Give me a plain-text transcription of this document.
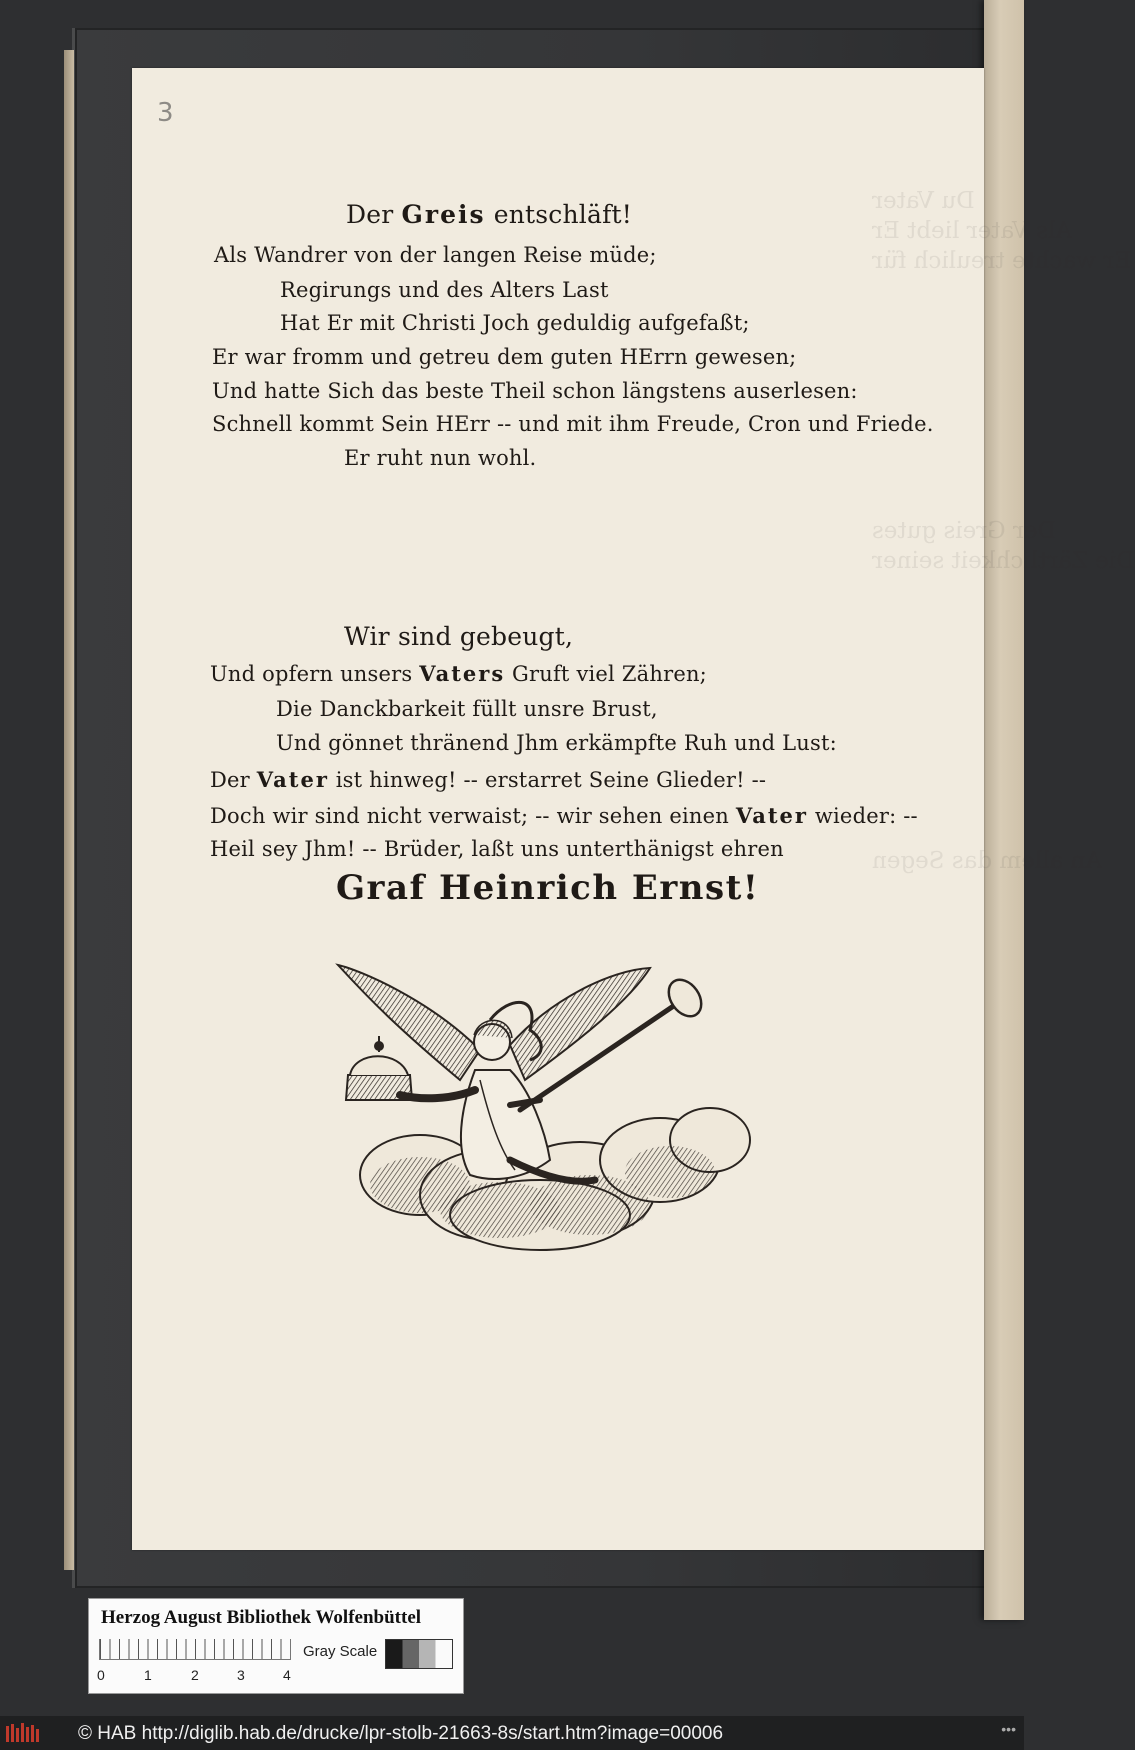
Du Vater
Als Vater liebt Er
Er wachte treulich für
Der Greis gutes
Die seiner
An allem das Segen
3
Der Greis entschläft!
Als Wandrer von der langen Reise müde;
Regirungs und des Alters Last
Hat Er mit Christi Joch geduldig aufgefaßt;
Er war fromm und getreu dem guten HErrn gewesen;
Und hatte Sich das beste Theil schon längstens auserlesen:
Schnell kommt Sein HErr -- und mit ihm Freude, Cron und Friede.
Er ruht nun wohl.
Wir sind gebeugt,
Und opfern unsers Vaters Gruft viel Zähren;
Die Danckbarkeit füllt unsre Brust,
Und gönnet thränend Jhm erkämpfte Ruh und Lust:
Der Vater ist hinweg! -- erstarret Seine Glieder! --
Doch wir sind nicht verwaist; -- wir sehen einen Vater wieder: --
Heil sey Jhm! -- Brüder, laßt uns unterthänigst ehren
Graf Heinrich Ernst!
Herzog August Bibliothek Wolfenbüttel
0	1	2	3	4
Gray Scale
© HAB http://diglib.hab.de/drucke/lpr-stolb-21663-8s/start.htm?image=00006	•••
